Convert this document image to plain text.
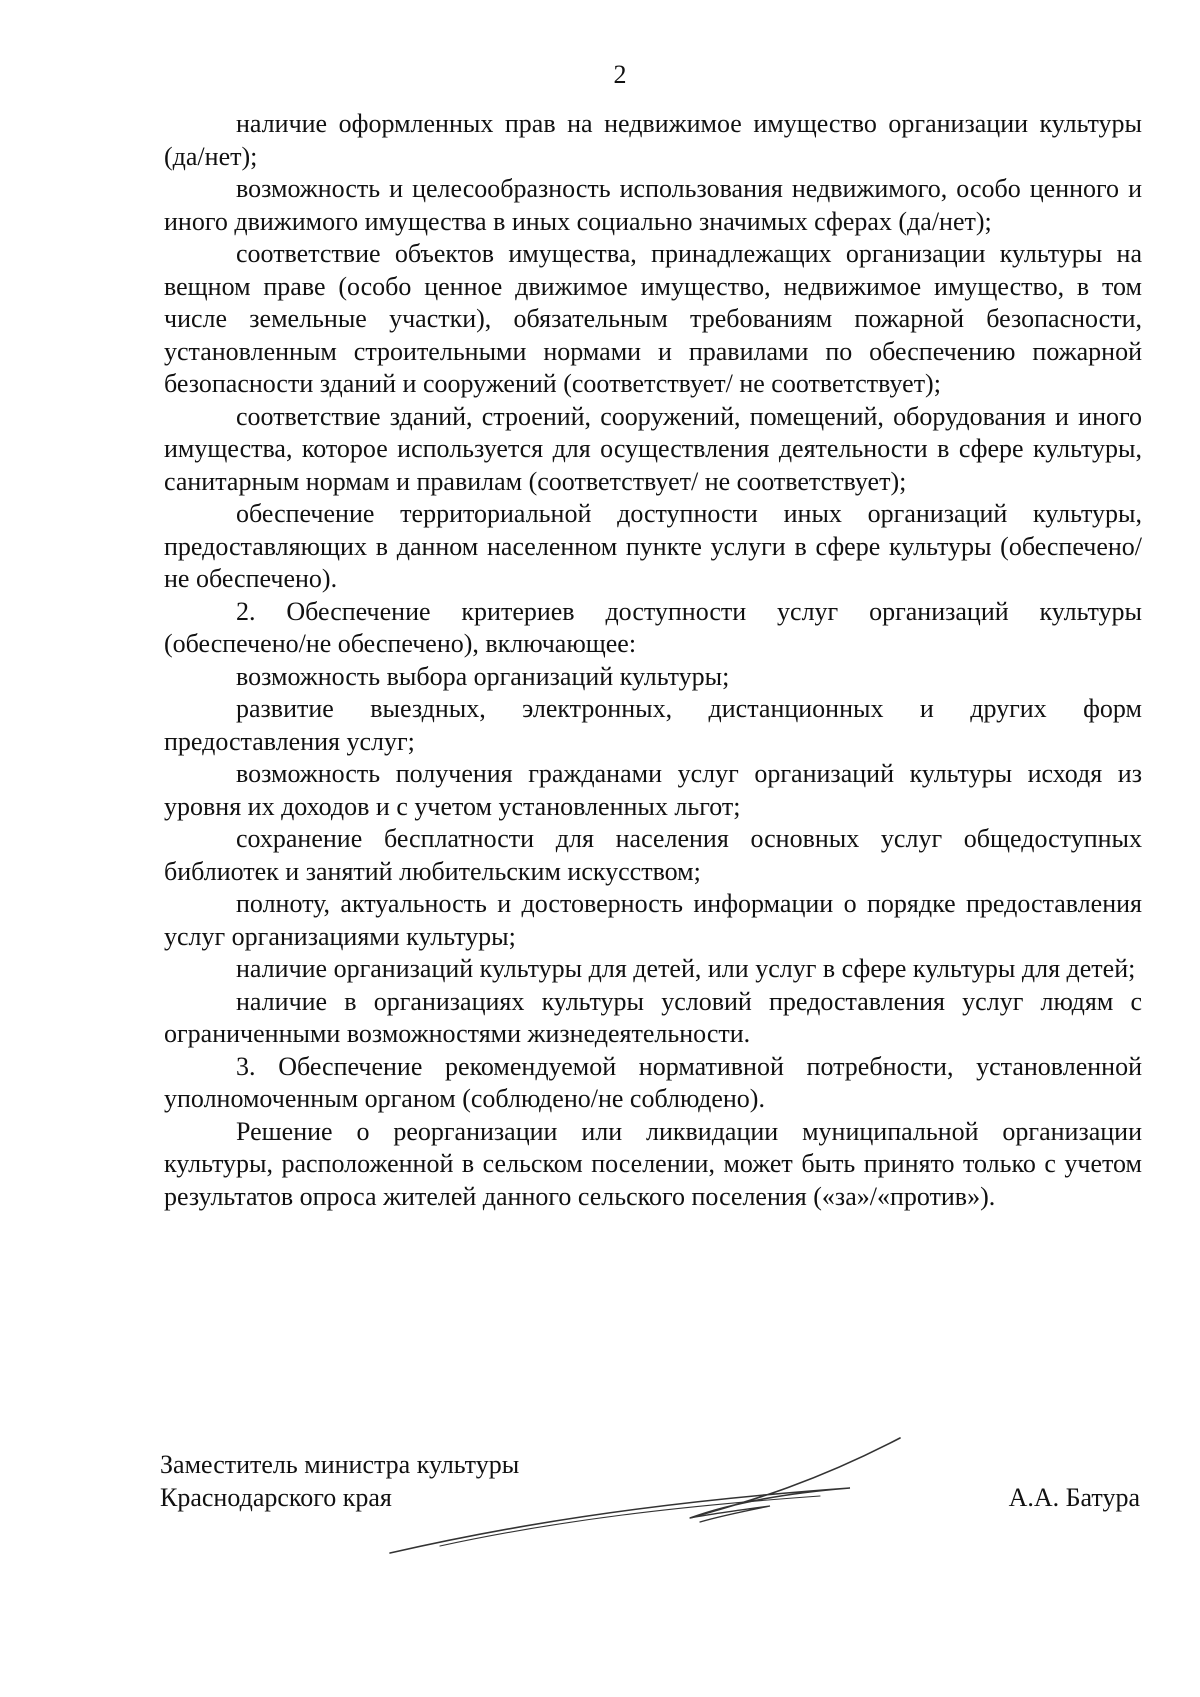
2

наличие оформленных прав на недвижимое имущество организации культуры (да/нет);

возможность и целесообразность использования недвижимого, особо ценного и иного движимого имущества в иных социально значимых сферах (да/нет);

соответствие объектов имущества, принадлежащих организации культуры на вещном праве (особо ценное движимое имущество, недвижимое имущество, в том числе земельные участки), обязательным требованиям пожарной безопасности, установленным строительными нормами и правилами по обеспечению пожарной безопасности зданий и сооружений (соответствует/ не соответствует);

соответствие зданий, строений, сооружений, помещений, оборудования и иного имущества, которое используется для осуществления деятельности в сфере культуры, санитарным нормам и правилам (соответствует/ не соответствует);

обеспечение территориальной доступности иных организаций культуры, предоставляющих в данном населенном пункте услуги в сфере культуры (обеспечено/не обеспечено).

2. Обеспечение критериев доступности услуг организаций культуры (обеспечено/не обеспечено), включающее:

возможность выбора организаций культуры;

развитие выездных, электронных, дистанционных и других форм предоставления услуг;

возможность получения гражданами услуг организаций культуры исходя из уровня их доходов и с учетом установленных льгот;

сохранение бесплатности для населения основных услуг общедоступных библиотек и занятий любительским искусством;

полноту, актуальность и достоверность информации о порядке предоставления услуг организациями культуры;

наличие организаций культуры для детей, или услуг в сфере культуры для детей;

наличие в организациях культуры условий предоставления услуг людям с ограниченными возможностями жизнедеятельности.

3. Обеспечение рекомендуемой нормативной потребности, установленной уполномоченным органом (соблюдено/не соблюдено).

Решение о реорганизации или ликвидации муниципальной организации культуры, расположенной в сельском поселении, может быть принято только с учетом результатов опроса жителей данного сельского поселения («за»/«против»).

Заместитель министра культуры

Краснодарского края	А.А. Батура
